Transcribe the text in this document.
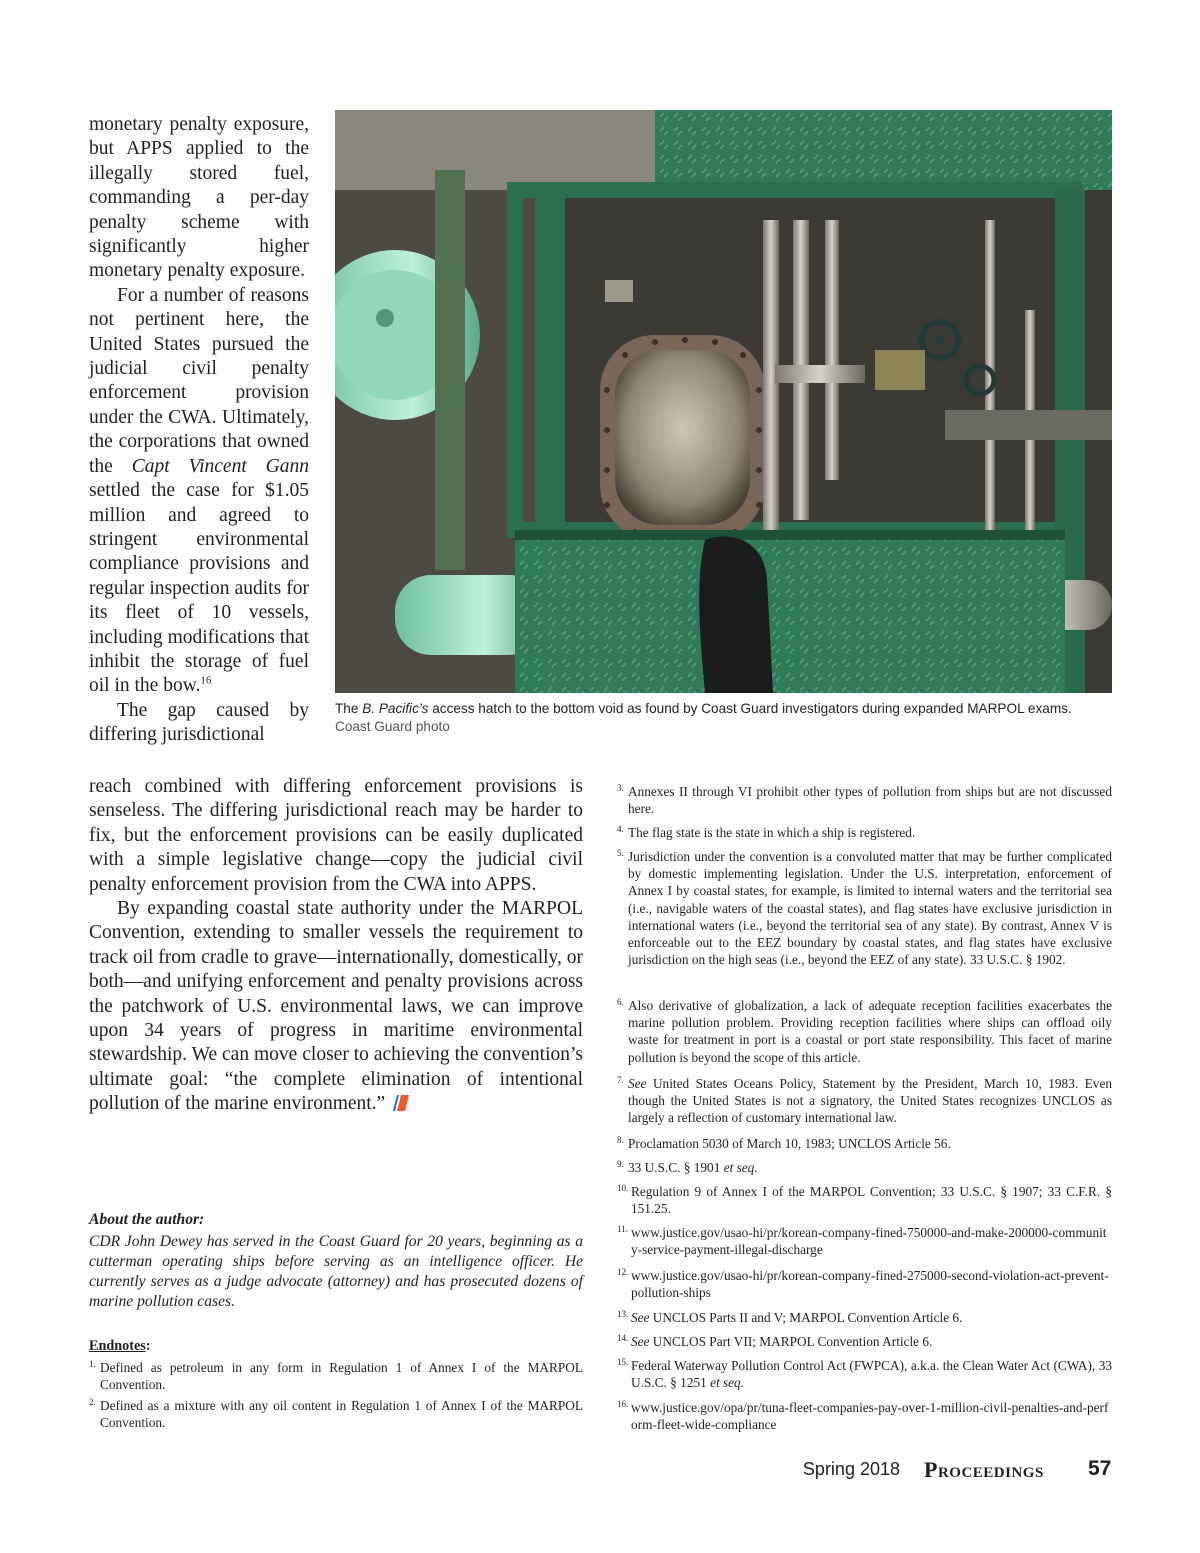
monetary penalty exposure, but APPS applied to the illegally stored fuel, commanding a per-day penalty scheme with significantly higher monetary penalty exposure.

For a number of reasons not pertinent here, the United States pursued the judicial civil penalty enforcement provision under the CWA. Ultimately, the corporations that owned the Capt Vincent Gann settled the case for $1.05 million and agreed to stringent environmental compliance provisions and regular inspection audits for its fleet of 10 vessels, including modifications that inhibit the storage of fuel oil in the bow.$^{16}$

The gap caused by differing jurisdictional

reach combined with differing enforcement provisions is senseless. The differing jurisdictional reach may be harder to fix, but the enforcement provisions can be easily duplicated with a simple legislative change—copy the judicial civil penalty enforcement provision from the CWA into APPS.

By expanding coastal state authority under the MARPOL Convention, extending to smaller vessels the requirement to track oil from cradle to grave—internationally, domestically, or both—and unifying enforcement and penalty provisions across the patchwork of U.S. environmental laws, we can improve upon 34 years of progress in maritime environmental stewardship. We can move closer to achieving the convention’s ultimate goal: “the complete elimination of intentional pollution of the marine environment.”

The B. Pacific’s access hatch to the bottom void as found by Coast Guard investigators during expanded MARPOL exams.
Coast Guard photo
About the author:
CDR John Dewey has served in the Coast Guard for 20 years, beginning as a cutterman operating ships before serving as an intelligence officer. He currently serves as a judge advocate (attorney) and has prosecuted dozens of marine pollution cases.
Endnotes:
1. Defined as petroleum in any form in Regulation 1 of Annex I of the MARPOL Convention.
2. Defined as a mixture with any oil content in Regulation 1 of Annex I of the MARPOL Convention.
3. Annexes II through VI prohibit other types of pollution from ships but are not discussed here.
4. The flag state is the state in which a ship is registered.
5. Jurisdiction under the convention is a convoluted matter that may be further complicated by domestic implementing legislation. Under the U.S. interpretation, enforcement of Annex I by coastal states, for example, is limited to internal waters and the territorial sea (i.e., navigable waters of the coastal states), and flag states have exclusive jurisdiction in international waters (i.e., beyond the territorial sea of any state). By contrast, Annex V is enforceable out to the EEZ boundary by coastal states, and flag states have exclusive jurisdiction on the high seas (i.e., beyond the EEZ of any state). 33 U.S.C. § 1902.
6. Also derivative of globalization, a lack of adequate reception facilities exacerbates the marine pollution problem. Providing reception facilities where ships can offload oily waste for treatment in port is a coastal or port state responsibility. This facet of marine pollution is beyond the scope of this article.
7. See United States Oceans Policy, Statement by the President, March 10, 1983. Even though the United States is not a signatory, the United States recognizes UNCLOS as largely a reflection of customary international law.
8. Proclamation 5030 of March 10, 1983; UNCLOS Article 56.
9. 33 U.S.C. § 1901 et seq.
10. Regulation 9 of Annex I of the MARPOL Convention; 33 U.S.C. § 1907; 33 C.F.R. § 151.25.
11. www.justice.gov/usao-hi/pr/korean-company-fined-750000-and-make-200000-community-service-payment-illegal-discharge
12. www.justice.gov/usao-hi/pr/korean-company-fined-275000-second-violation-act-prevent-pollution-ships
13. See UNCLOS Parts II and V; MARPOL Convention Article 6.
14. See UNCLOS Part VII; MARPOL Convention Article 6.
15. Federal Waterway Pollution Control Act (FWPCA), a.k.a. the Clean Water Act (CWA), 33 U.S.C. § 1251 et seq.
16. www.justice.gov/opa/pr/tuna-fleet-companies-pay-over-1-million-civil-penalties-and-perform-fleet-wide-compliance
Spring 2018 Proceedings 57
